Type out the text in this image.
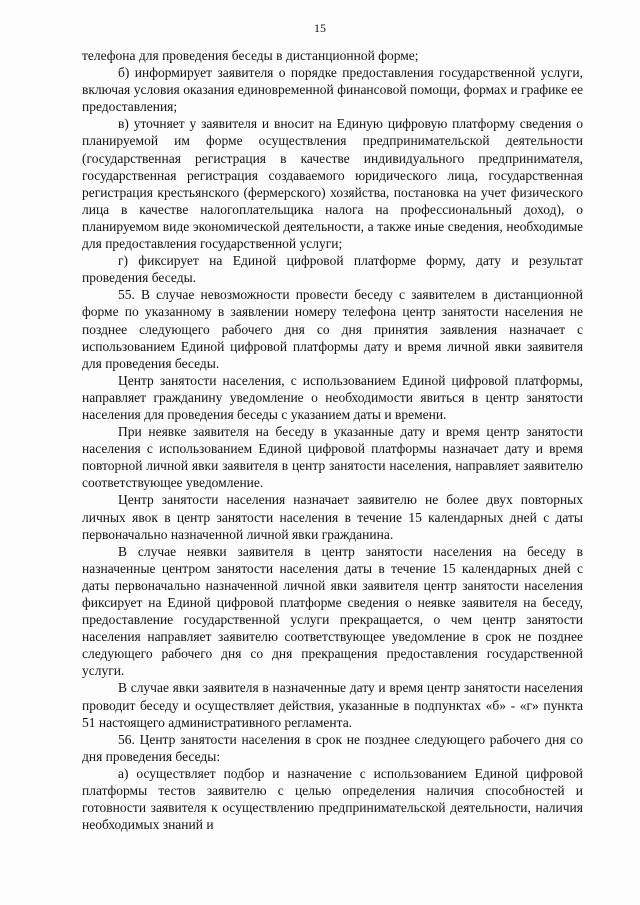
15

телефона для проведения беседы в дистанционной форме;

б) информирует заявителя о порядке предоставления государственной услуги, включая условия оказания единовременной финансовой помощи, формах и графике ее предоставления;

в) уточняет у заявителя и вносит на Единую цифровую платформу сведения о планируемой им форме осуществления предпринимательской деятельности (государственная регистрация в качестве индивидуального предпринимателя, государственная регистрация создаваемого юридического лица, государственная регистрация крестьянского (фермерского) хозяйства, постановка на учет физического лица в качестве налогоплательщика налога на профессиональный доход), о планируемом виде экономической деятельности, а также иные сведения, необходимые для предоставления государственной услуги;

г) фиксирует на Единой цифровой платформе форму, дату и результат проведения беседы.

55. В случае невозможности провести беседу с заявителем в дистанционной форме по указанному в заявлении номеру телефона центр занятости населения не позднее следующего рабочего дня со дня принятия заявления назначает с использованием Единой цифровой платформы дату и время личной явки заявителя для проведения беседы.

Центр занятости населения, с использованием Единой цифровой платформы, направляет гражданину уведомление о необходимости явиться в центр занятости населения для проведения беседы с указанием даты и времени.

При неявке заявителя на беседу в указанные дату и время центр занятости населения с использованием Единой цифровой платформы назначает дату и время повторной личной явки заявителя в центр занятости населения, направляет заявителю соответствующее уведомление.

Центр занятости населения назначает заявителю не более двух повторных личных явок в центр занятости населения в течение 15 календарных дней с даты первоначально назначенной личной явки гражданина.

В случае неявки заявителя в центр занятости населения на беседу в назначенные центром занятости населения даты в течение 15 календарных дней с даты первоначально назначенной личной явки заявителя центр занятости населения фиксирует на Единой цифровой платформе сведения о неявке заявителя на беседу, предоставление государственной услуги прекращается, о чем центр занятости населения направляет заявителю соответствующее уведомление в срок не позднее следующего рабочего дня со дня прекращения предоставления государственной услуги.

В случае явки заявителя в назначенные дату и время центр занятости населения проводит беседу и осуществляет действия, указанные в подпунктах «б» - «г» пункта 51 настоящего административного регламента.

56. Центр занятости населения в срок не позднее следующего рабочего дня со дня проведения беседы:

а) осуществляет подбор и назначение с использованием Единой цифровой платформы тестов заявителю с целью определения наличия способностей и готовности заявителя к осуществлению предпринимательской деятельности, наличия необходимых знаний и
